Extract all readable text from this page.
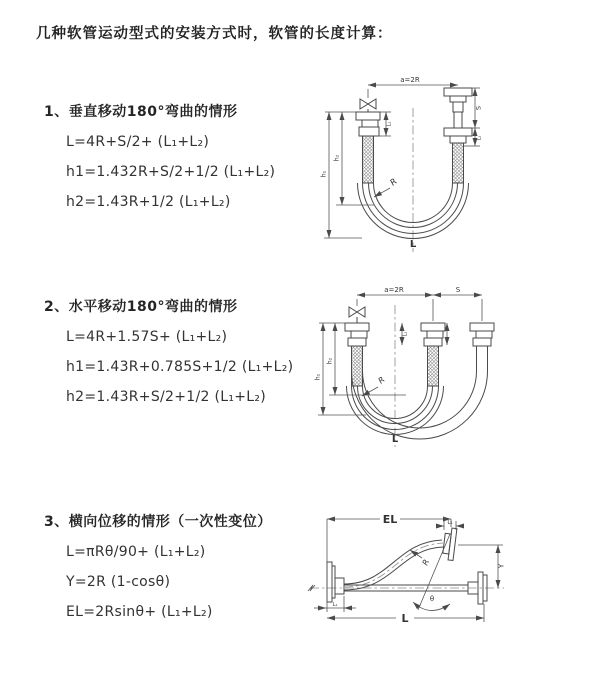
几种软管运动型式的安装方式时，软管的长度计算：
1、垂直移动180°弯曲的情形
L=4R+S/2+ (L₁+L₂)
h1=1.432R+S/2+1/2 (L₁+L₂)
h2=1.43R+1/2 (L₁+L₂)
2、水平移动180°弯曲的情形
L=4R+1.57S+ (L₁+L₂)
h1=1.43R+0.785S+1/2 (L₁+L₂)
h2=1.43R+S/2+1/2 (L₁+L₂)
3、横向位移的情形（一次性变位）
L=πRθ/90+ (L₁+L₂)
Y=2R (1-cosθ)
EL=2Rsinθ+ (L₁+L₂)
a=2R
S
L₁
L₁
h₂
h₁
R
L
a=2R	S
L₁
h₂
h₁	R
L
EL	L₁
Y
L
L₁
R
θ
